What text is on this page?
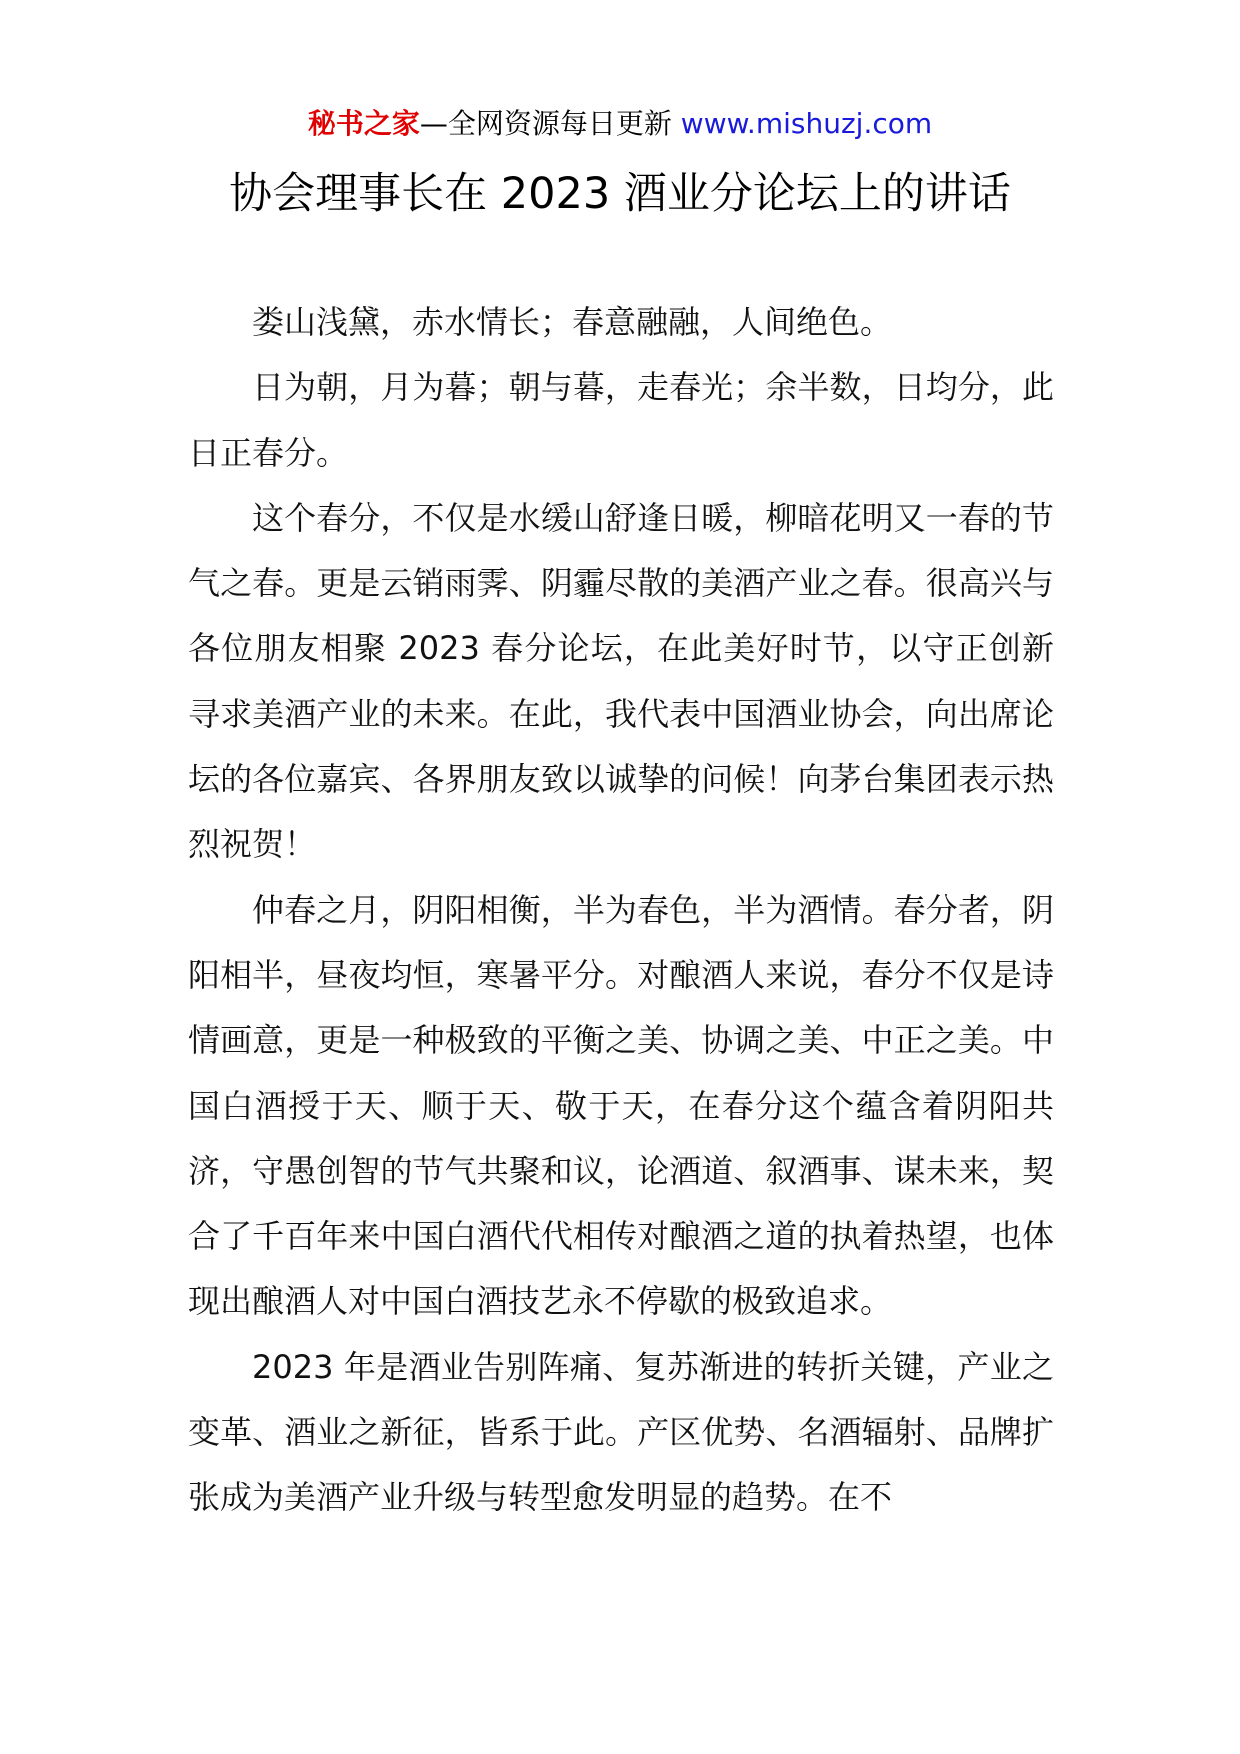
秘书之家—全网资源每日更新 www.mishuzj.com
协会理事长在 2023 酒业分论坛上的讲话

娄山浅黛，赤水情长；春意融融，人间绝色。

日为朝，月为暮；朝与暮，走春光；余半数，日均分，此日正春分。

这个春分，不仅是水缓山舒逢日暖，柳暗花明又一春的节气之春。更是云销雨霁、阴霾尽散的美酒产业之春。很高兴与各位朋友相聚 2023 春分论坛，在此美好时节，以守正创新寻求美酒产业的未来。在此，我代表中国酒业协会，向出席论坛的各位嘉宾、各界朋友致以诚挚的问候！向茅台集团表示热烈祝贺！

仲春之月，阴阳相衡，半为春色，半为酒情。春分者，阴阳相半，昼夜均恒，寒暑平分。对酿酒人来说，春分不仅是诗情画意，更是一种极致的平衡之美、协调之美、中正之美。中国白酒授于天、顺于天、敬于天，在春分这个蕴含着阴阳共济，守愚创智的节气共聚和议，论酒道、叙酒事、谋未来，契合了千百年来中国白酒代代相传对酿酒之道的执着热望，也体现出酿酒人对中国白酒技艺永不停歇的极致追求。

2023 年是酒业告别阵痛、复苏渐进的转折关键，产业之变革、酒业之新征，皆系于此。产区优势、名酒辐射、品牌扩张成为美酒产业升级与转型愈发明显的趋势。在不
